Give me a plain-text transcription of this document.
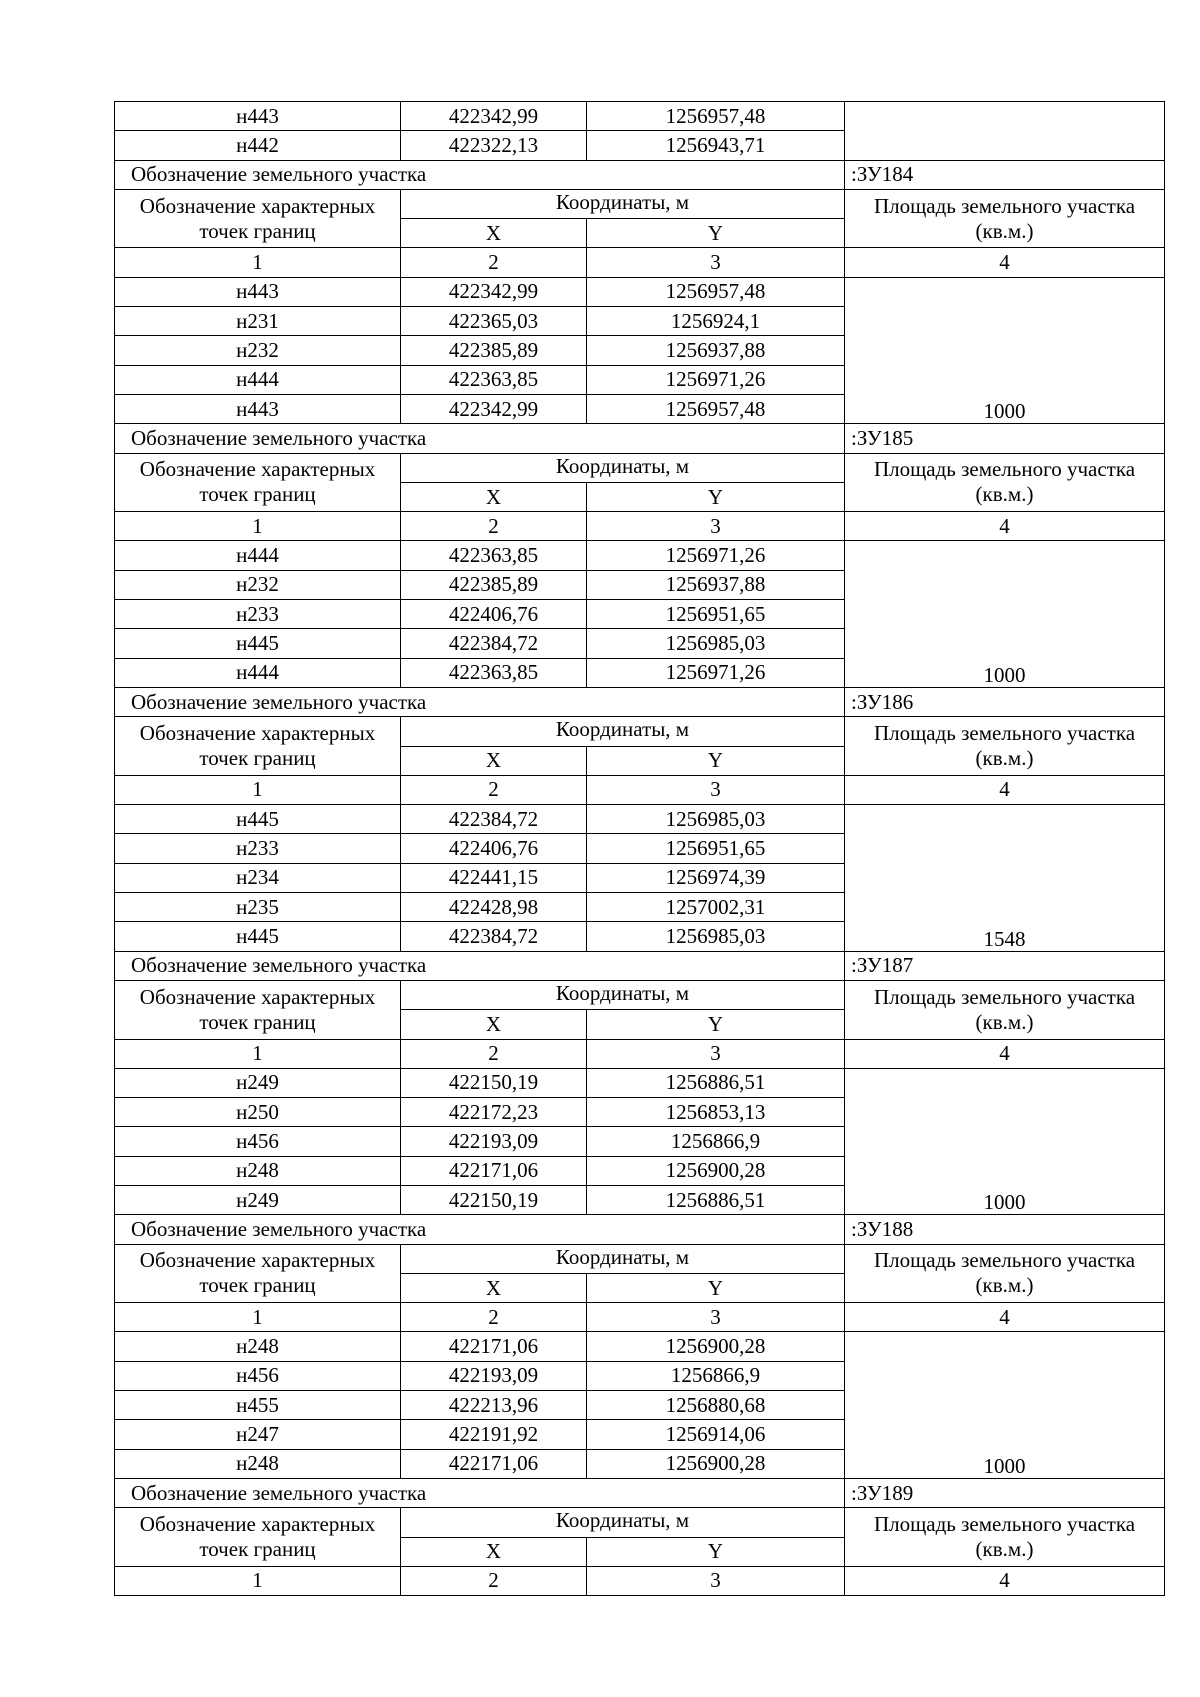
н443	422342,99	1256957,48	
н442	422322,13	1256943,71	
Обозначение земельного участка			:ЗУ184
Обозначение характерных точек границ	Координаты, м		Площадь земельного участка (кв.м.)
	X	Y	
1	2	3	4
н443	422342,99	1256957,48	1000
н231	422365,03	1256924,1	
н232	422385,89	1256937,88	
н444	422363,85	1256971,26	
н443	422342,99	1256957,48	
Обозначение земельного участка			:ЗУ185
Обозначение характерных точек границ	Координаты, м		Площадь земельного участка (кв.м.)
	X	Y	
1	2	3	4
н444	422363,85	1256971,26	1000
н232	422385,89	1256937,88	
н233	422406,76	1256951,65	
н445	422384,72	1256985,03	
н444	422363,85	1256971,26	
Обозначение земельного участка			:ЗУ186
Обозначение характерных точек границ	Координаты, м		Площадь земельного участка (кв.м.)
	X	Y	
1	2	3	4
н445	422384,72	1256985,03	1548
н233	422406,76	1256951,65	
н234	422441,15	1256974,39	
н235	422428,98	1257002,31	
н445	422384,72	1256985,03	
Обозначение земельного участка			:ЗУ187
Обозначение характерных точек границ	Координаты, м		Площадь земельного участка (кв.м.)
	X	Y	
1	2	3	4
н249	422150,19	1256886,51	1000
н250	422172,23	1256853,13	
н456	422193,09	1256866,9	
н248	422171,06	1256900,28	
н249	422150,19	1256886,51	
Обозначение земельного участка			:ЗУ188
Обозначение характерных точек границ	Координаты, м		Площадь земельного участка (кв.м.)
	X	Y	
1	2	3	4
н248	422171,06	1256900,28	1000
н456	422193,09	1256866,9	
н455	422213,96	1256880,68	
н247	422191,92	1256914,06	
н248	422171,06	1256900,28	
Обозначение земельного участка			:ЗУ189
Обозначение характерных точек границ	Координаты, м		Площадь земельного участка (кв.м.)
	X	Y	
1	2	3	4
